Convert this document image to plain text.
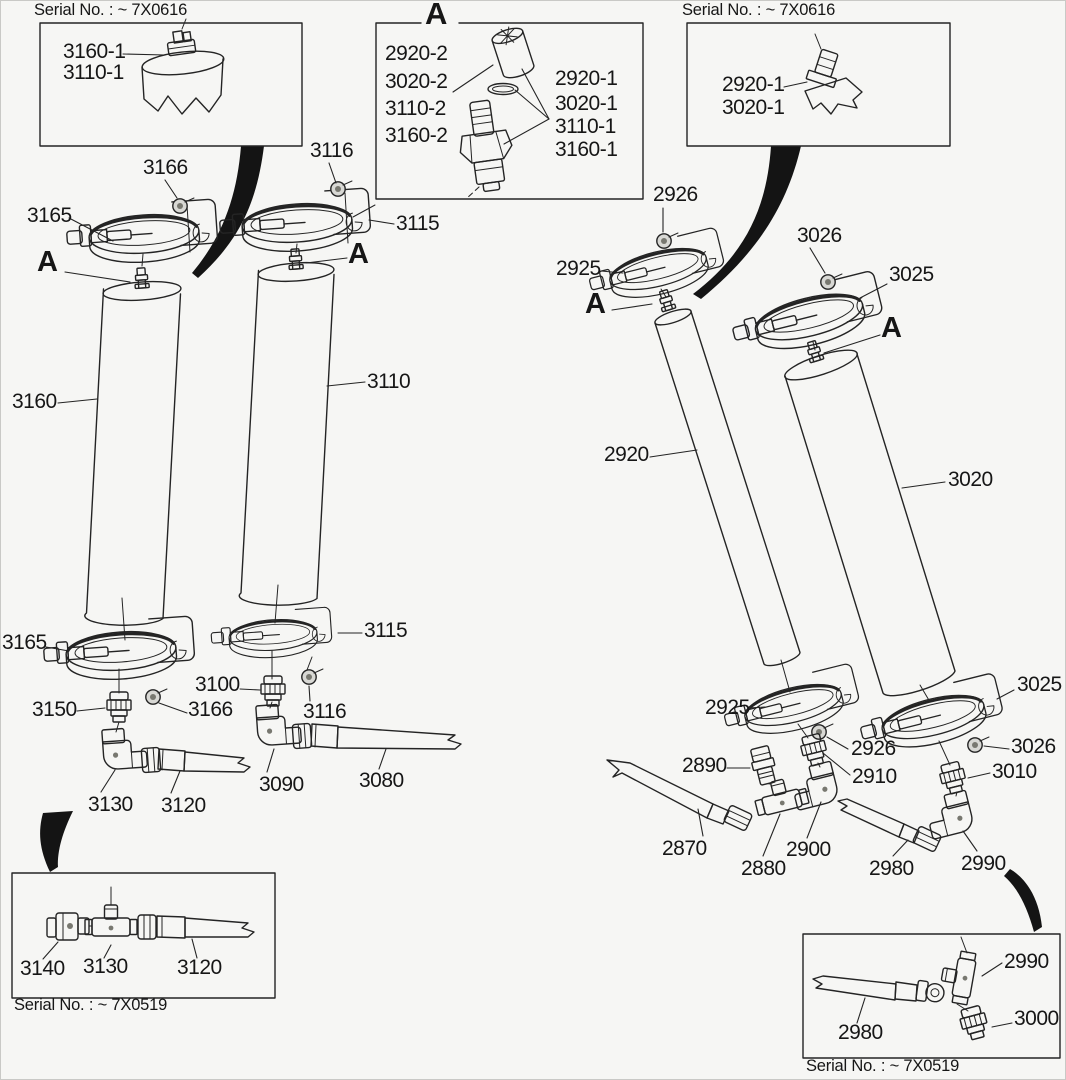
Serial No. : ~ 7X0616
3160-1
3110-1
A
2920-2
3020-2
3110-2
3160-2
2920-1
3020-1
3110-1
3160-1
Serial No. : ~ 7X0616
2920-1
3020-1
3166
3165
3116
3115
A	A
3160
3110
3165
3115
3100
3166	3116
3150
3130 3120
3090	3080
2926
2925
A
3026
3025
A
2920
3020
2925
2926
2910
2890
2870
2880
2900
2980 2990
3010
3026
3025
3140 3130 3120
Serial No. : ~ 7X0519
2990
3000
2980
Serial No. : ~ 7X0519
